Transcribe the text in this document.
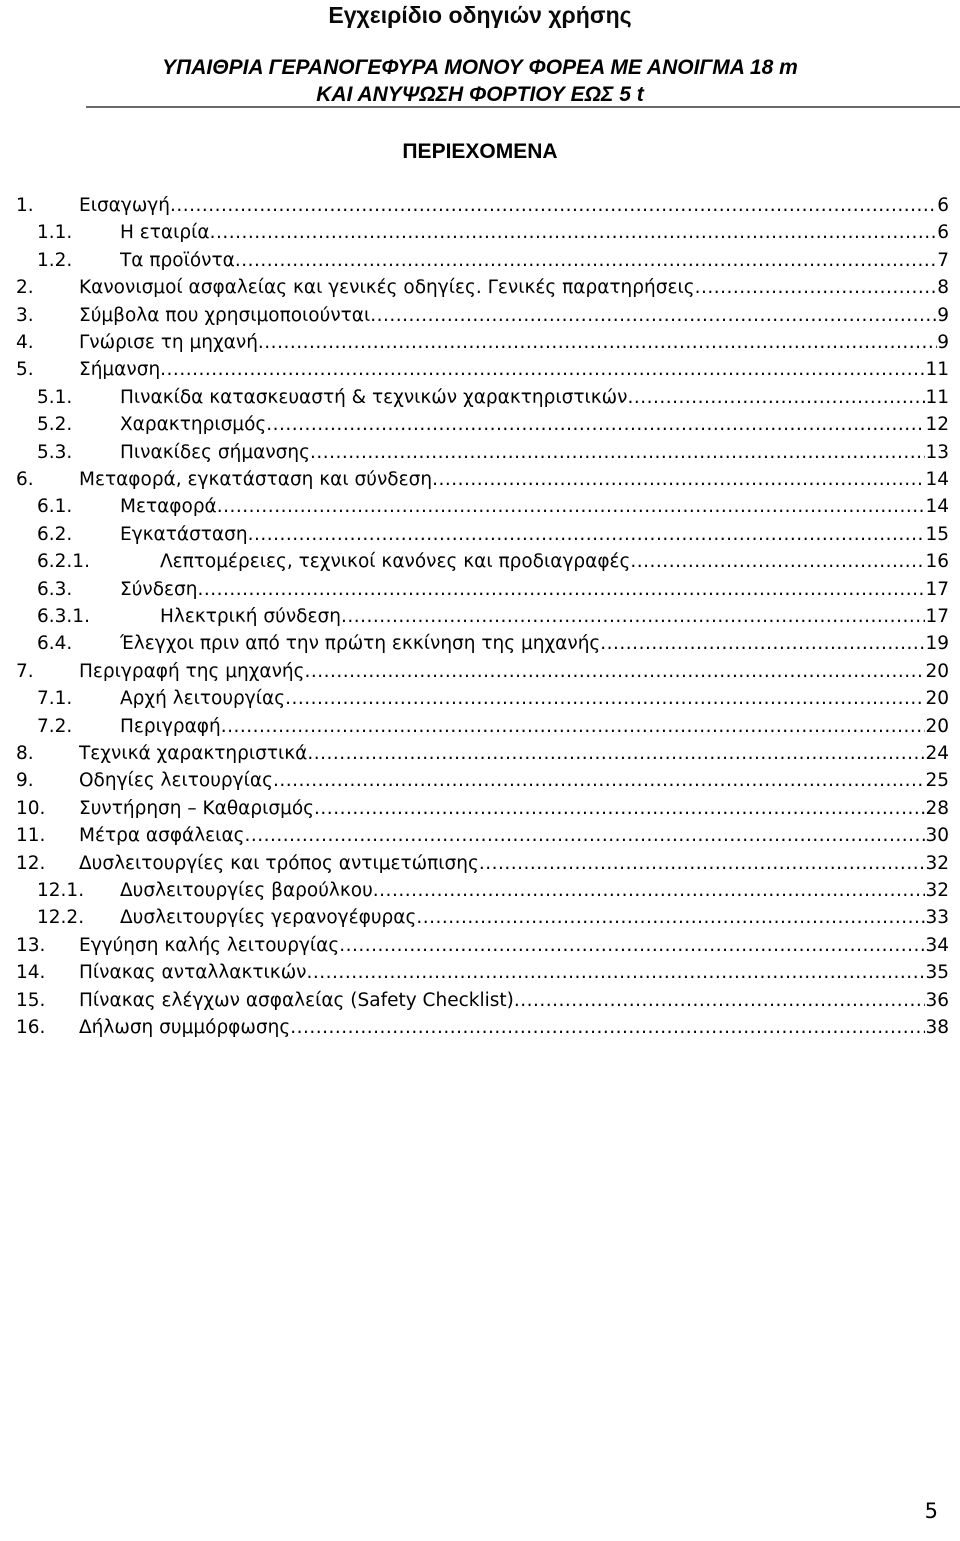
Εγχειρίδιο οδηγιών χρήσης
ΥΠΑΙΘΡΙΑ ΓΕΡΑΝΟΓΕΦΥΡΑ ΜΟΝΟΥ ΦΟΡΕΑ ΜΕ ΑΝΟΙΓΜΑ 18 m
ΚΑΙ ΑΝΥΨΩΣΗ ΦΟΡΤΙΟΥ ΕΩΣ 5 t
ΠΕΡΙΕΧΟΜΕΝΑ
1. Εισαγωγή .....	6
1.1.	Η εταιρία .....	6
1.2.	Τα προϊόντα .....	7
2. Κανονισμοί ασφαλείας και γενικές οδηγίες. Γενικές παρατηρήσεις .....	8
3. Σύμβολα που χρησιμοποιούνται .....	9
4. Γνώρισε τη μηχανή .....	9
5. Σήμανση .....	11
5.1.	Πινακίδα κατασκευαστή & τεχνικών χαρακτηριστικών .....	11
5.2.	Χαρακτηρισμός .....	12
5.3.	Πινακίδες σήμανσης .....	13
6. Μεταφορά, εγκατάσταση και σύνδεση .....	14
6.1.	Μεταφορά .....	14
6.2.	Εγκατάσταση .....	15
6.2.1.	Λεπτομέρειες, τεχνικοί κανόνες και προδιαγραφές .....	16
6.3.	Σύνδεση .....	17
6.3.1.	Ηλεκτρική σύνδεση .....	17
6.4.	Έλεγχοι πριν από την πρώτη εκκίνηση της μηχανής .....	19
7. Περιγραφή της μηχανής .....	20
7.1.	Αρχή λειτουργίας .....	20
7.2.	Περιγραφή .....	20
8. Τεχνικά χαρακτηριστικά .....	24
9. Οδηγίες λειτουργίας .....	25
10. Συντήρηση – Καθαρισμός .....	28
11. Μέτρα ασφάλειας .....	30
12. Δυσλειτουργίες και τρόπος αντιμετώπισης .....	32
12.1. Δυσλειτουργίες βαρούλκου .....	32
12.2. Δυσλειτουργίες γερανογέφυρας .....	33
13. Εγγύηση καλής λειτουργίας .....	34
14. Πίνακας ανταλλακτικών .....	35
15. Πίνακας ελέγχων ασφαλείας (Safety Checklist) .....	36
16. Δήλωση συμμόρφωσης .....	38
5
